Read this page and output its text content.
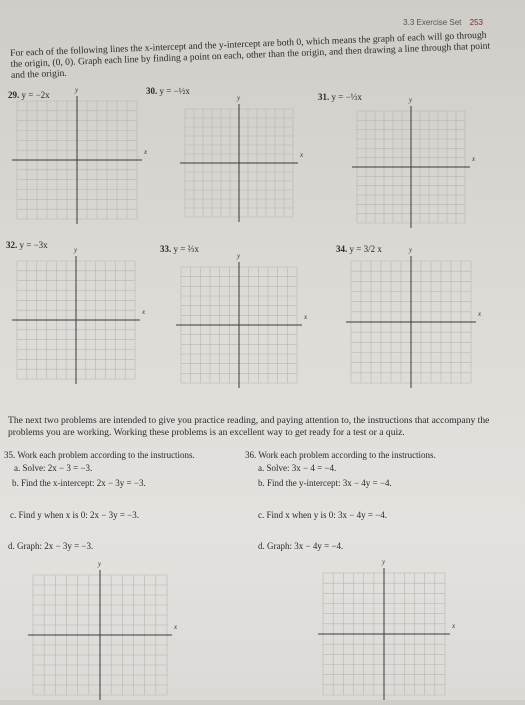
3.3 Exercise Set 253
For each of the following lines the x-intercept and the y-intercept are both 0, which means the graph of each will go through the origin, (0, 0). Graph each line by finding a point on each, other than the origin, and then drawing a line through that point and the origin.
29. y = −2x	30. y = −½x
31. y = −⅓x
32. y = −3x	33. y = ⅔x	34. y = 3/2 x
x
y
x
y
x
y
x
y
x
y
x
y
x
y
x
y
The next two problems are intended to give you practice reading, and paying attention to, the instructions that accompany the problems you are working. Working these problems is an excellent way to get ready for a test or a quiz.
35. Work each problem according to the instructions.
a. Solve: 2x − 3 = −3.
b. Find the x-intercept: 2x − 3y = −3.
c. Find y when x is 0: 2x − 3y = −3.
d. Graph: 2x − 3y = −3.
36. Work each problem according to the instructions.
a. Solve: 3x − 4 = −4.
b. Find the y-intercept: 3x − 4y = −4.
c. Find x when y is 0: 3x − 4y = −4.
d. Graph: 3x − 4y = −4.
